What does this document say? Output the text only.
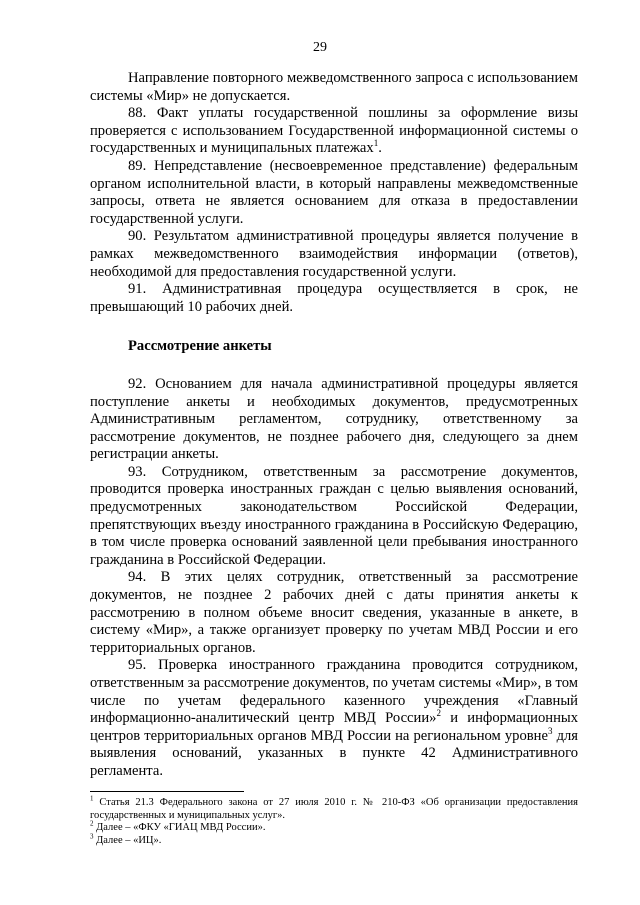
29

Направление повторного межведомственного запроса с использованием системы «Мир» не допускается.

88. Факт уплаты государственной пошлины за оформление визы проверяется с использованием Государственной информационной системы о государственных и муниципальных платежах$^1$.

89. Непредставление (несвоевременное представление) федеральным органом исполнительной власти, в который направлены межведомственные запросы, ответа не является основанием для отказа в предоставлении государственной услуги.

90. Результатом административной процедуры является получение в рамках межведомственного взаимодействия информации (ответов), необходимой для предоставления государственной услуги.

91. Административная процедура осуществляется в срок, не превышающий 10 рабочих дней.

Рассмотрение анкеты

92. Основанием для начала административной процедуры является поступление анкеты и необходимых документов, предусмотренных Административным регламентом, сотруднику, ответственному за рассмотрение документов, не позднее рабочего дня, следующего за днем регистрации анкеты.

93. Сотрудником, ответственным за рассмотрение документов, проводится проверка иностранных граждан с целью выявления оснований, предусмотренных законодательством Российской Федерации, препятствующих въезду иностранного гражданина в Российскую Федерацию, в том числе проверка оснований заявленной цели пребывания иностранного гражданина в Российской Федерации.

94. В этих целях сотрудник, ответственный за рассмотрение документов, не позднее 2 рабочих дней с даты принятия анкеты к рассмотрению в полном объеме вносит сведения, указанные в анкете, в систему «Мир», а также организует проверку по учетам МВД России и его территориальных органов.

95. Проверка иностранного гражданина проводится сотрудником, ответственным за рассмотрение документов, по учетам системы «Мир», в том числе по учетам федерального казенного учреждения «Главный информационно-аналитический центр МВД России»$^2$ и информационных центров территориальных органов МВД России на региональном уровне$^3$ для выявления оснований, указанных в пункте 42 Административного регламента.

$^1$ Статья 21.3 Федерального закона от 27 июля 2010 г. № 210-ФЗ «Об организации предоставления государственных и муниципальных услуг».

$^2$ Далее – «ФКУ «ГИАЦ МВД России».

$^3$ Далее – «ИЦ».
